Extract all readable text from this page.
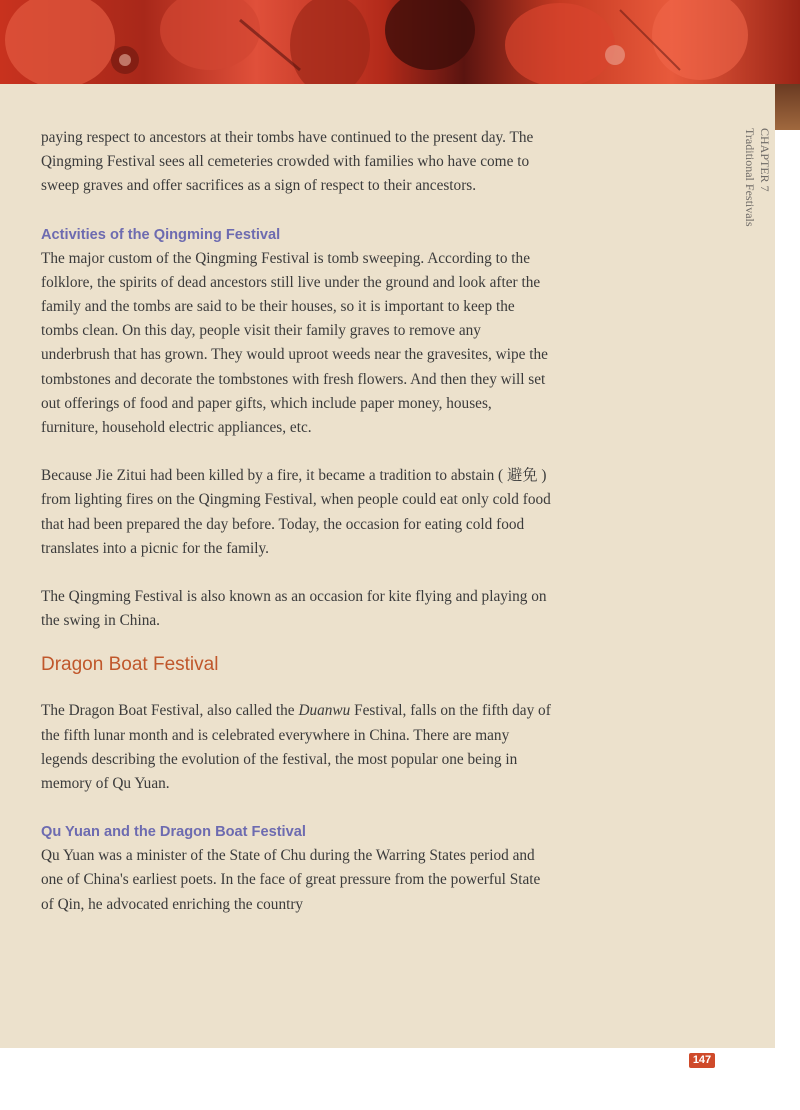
CHAPTER 7
Traditional Festivals

paying respect to ancestors at their tombs have continued to the present day. The Qingming Festival sees all cemeteries crowded with families who have come to sweep graves and offer sacrifices as a sign of respect to their ancestors.

Activities of the Qingming Festival
The major custom of the Qingming Festival is tomb sweeping. According to the folklore, the spirits of dead ancestors still live under the ground and look after the family and the tombs are said to be their houses, so it is important to keep the tombs clean. On this day, people visit their family graves to remove any underbrush that has grown. They would uproot weeds near the gravesites, wipe the tombstones and decorate the tombstones with fresh flowers. And then they will set out offerings of food and paper gifts, which include paper money, houses, furniture, household electric appliances, etc.

Because Jie Zitui had been killed by a fire, it became a tradition to abstain ( 避免 ) from lighting fires on the Qingming Festival, when people could eat only cold food that had been prepared the day before. Today, the occasion for eating cold food translates into a picnic for the family.

The Qingming Festival is also known as an occasion for kite flying and playing on the swing in China.

Dragon Boat Festival

The Dragon Boat Festival, also called the Duanwu Festival, falls on the fifth day of the fifth lunar month and is celebrated everywhere in China. There are many legends describing the evolution of the festival, the most popular one being in memory of Qu Yuan.

Qu Yuan and the Dragon Boat Festival
Qu Yuan was a minister of the State of Chu during the Warring States period and one of China's earliest poets. In the face of great pressure from the powerful State of Qin, he advocated enriching the country

147
